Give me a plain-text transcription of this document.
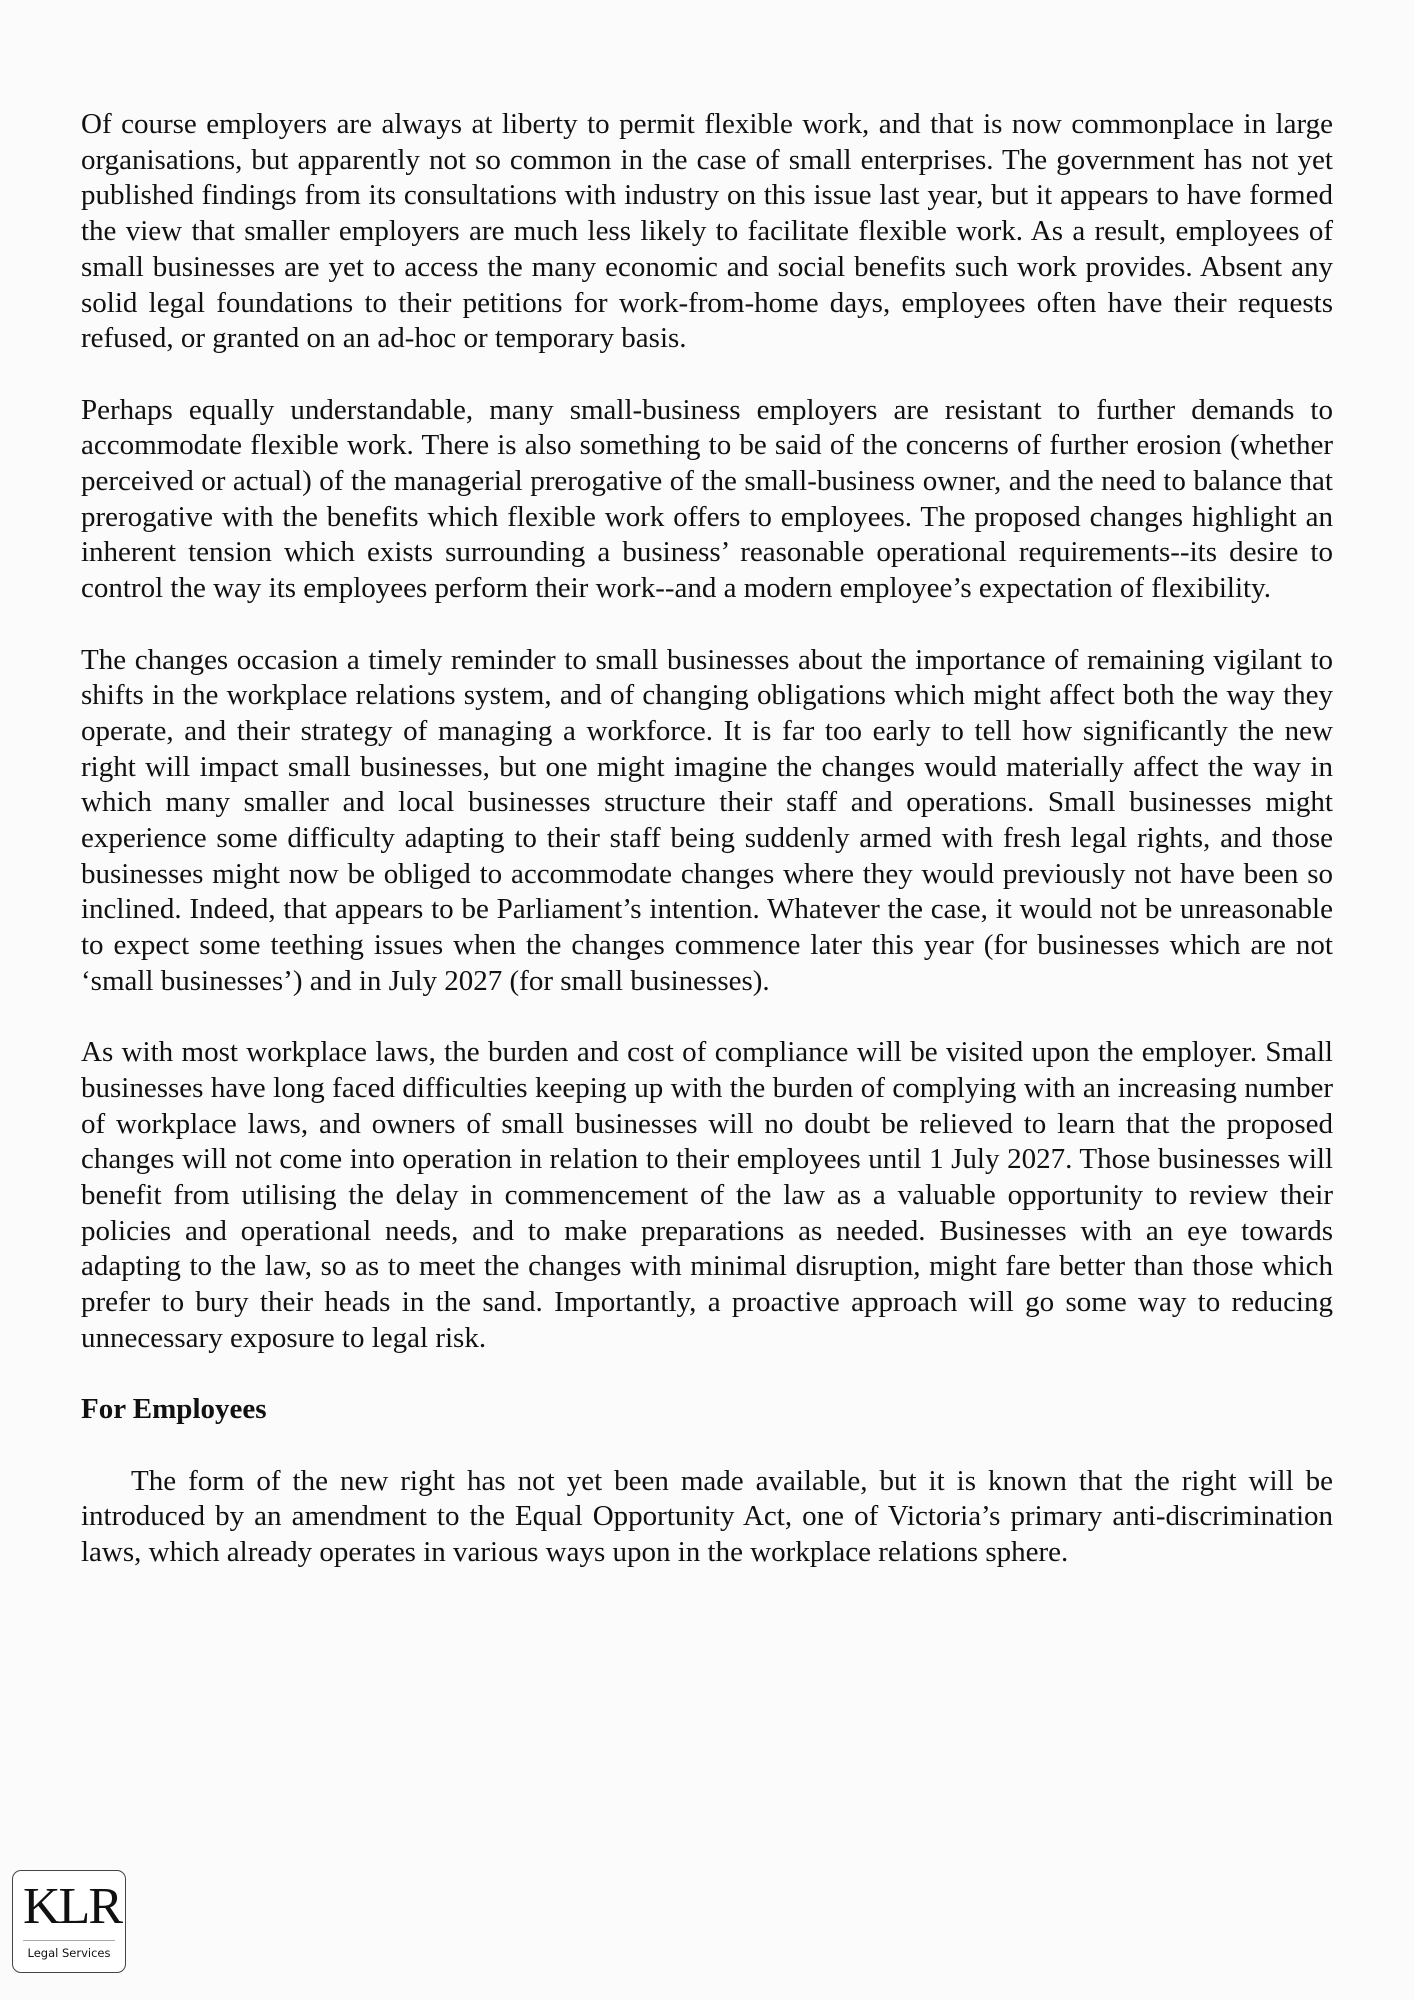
Of course employers are always at liberty to permit flexible work, and that is now commonplace in large organisations, but apparently not so common in the case of small enterprises. The government has not yet published findings from its consultations with industry on this issue last year, but it appears to have formed the view that smaller employers are much less likely to facilitate flexible work. As a result, employees of small businesses are yet to access the many economic and social benefits such work provides. Absent any solid legal foundations to their petitions for work-from-home days, employees often have their requests refused, or granted on an ad-hoc or temporary basis.

Perhaps equally understandable, many small-business employers are resistant to further demands to accommodate flexible work. There is also something to be said of the concerns of further erosion (whether perceived or actual) of the managerial prerogative of the small-business owner, and the need to balance that prerogative with the benefits which flexible work offers to employees. The proposed changes highlight an inherent tension which exists surrounding a business’ reasonable operational requirements--its desire to control the way its employees perform their work--and a modern employee’s expectation of flexibility.

The changes occasion a timely reminder to small businesses about the importance of remaining vigilant to shifts in the workplace relations system, and of changing obligations which might affect both the way they operate, and their strategy of managing a workforce. It is far too early to tell how significantly the new right will impact small businesses, but one might imagine the changes would materially affect the way in which many smaller and local businesses structure their staff and operations. Small businesses might experience some difficulty adapting to their staff being suddenly armed with fresh legal rights, and those businesses might now be obliged to accommodate changes where they would previously not have been so inclined. Indeed, that appears to be Parliament’s intention. Whatever the case, it would not be unreasonable to expect some teething issues when the changes commence later this year (for businesses which are not ‘small businesses’) and in July 2027 (for small businesses).

As with most workplace laws, the burden and cost of compliance will be visited upon the employer. Small businesses have long faced difficulties keeping up with the burden of complying with an increasing number of workplace laws, and owners of small businesses will no doubt be relieved to learn that the proposed changes will not come into operation in relation to their employees until 1 July 2027. Those businesses will benefit from utilising the delay in commencement of the law as a valuable opportunity to review their policies and operational needs, and to make preparations as needed. Businesses with an eye towards adapting to the law, so as to meet the changes with minimal disruption, might fare better than those which prefer to bury their heads in the sand. Importantly, a proactive approach will go some way to reducing unnecessary exposure to legal risk.

For Employees

The form of the new right has not yet been made available, but it is known that the right will be introduced by an amendment to the Equal Opportunity Act, one of Victoria’s primary anti-discrimination laws, which already operates in various ways upon in the workplace relations sphere.

KLR
Legal Services
